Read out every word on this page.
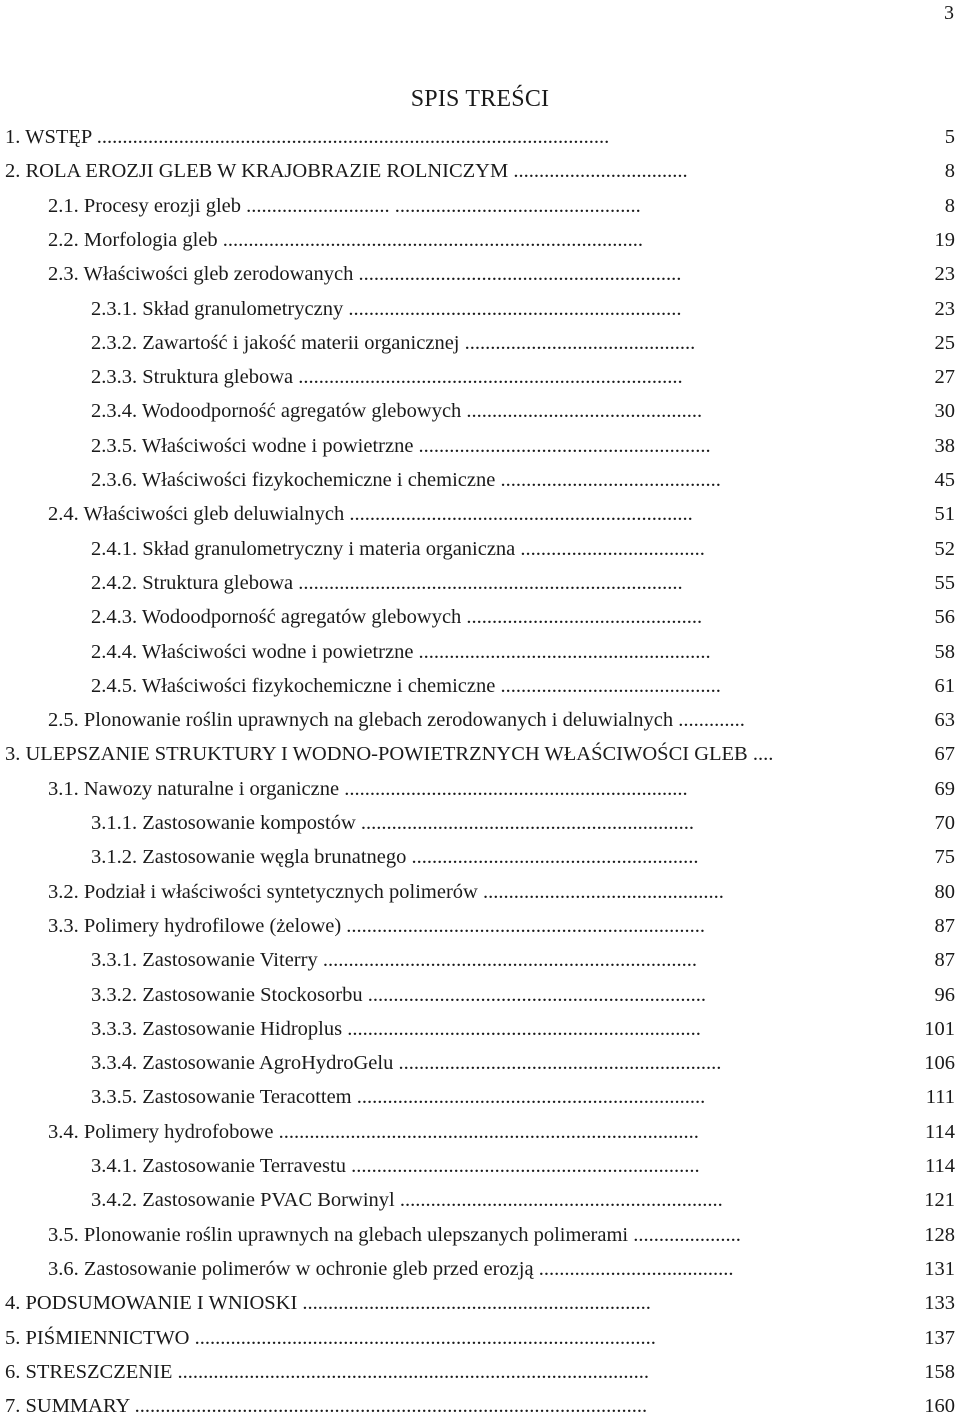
3
SPIS TREŚCI
1. WSTĘP ....................................................................................................	5
2. ROLA EROZJI GLEB W KRAJOBRAZIE ROLNICZYM ..................................	8
2.1. Procesy erozji gleb ............................ ................................................	8
2.2. Morfologia gleb ..................................................................................	19
2.3. Właściwości gleb zerodowanych ...............................................................	23
2.3.1. Skład granulometryczny .................................................................	23
2.3.2. Zawartość i jakość materii organicznej .............................................	25
2.3.3. Struktura glebowa ...........................................................................	27
2.3.4. Wodoodporność agregatów glebowych ..............................................	30
2.3.5. Właściwości wodne i powietrzne .........................................................	38
2.3.6. Właściwości fizykochemiczne i chemiczne ...........................................	45
2.4. Właściwości gleb deluwialnych ...................................................................	51
2.4.1. Skład granulometryczny i materia organiczna ....................................	52
2.4.2. Struktura glebowa ...........................................................................	55
2.4.3. Wodoodporność agregatów glebowych ..............................................	56
2.4.4. Właściwości wodne i powietrzne .........................................................	58
2.4.5. Właściwości fizykochemiczne i chemiczne ...........................................	61
2.5. Plonowanie roślin uprawnych na glebach zerodowanych i deluwialnych .............	63
3. ULEPSZANIE STRUKTURY I WODNO-POWIETRZNYCH WŁAŚCIWOŚCI GLEB ....	67
3.1. Nawozy naturalne i organiczne ...................................................................	69
3.1.1. Zastosowanie kompostów .................................................................	70
3.1.2. Zastosowanie węgla brunatnego ........................................................	75
3.2. Podział i właściwości syntetycznych polimerów ...............................................	80
3.3. Polimery hydrofilowe (żelowe) ......................................................................	87
3.3.1. Zastosowanie Viterry .........................................................................	87
3.3.2. Zastosowanie Stockosorbu ..................................................................	96
3.3.3. Zastosowanie Hidroplus .....................................................................	101
3.3.4. Zastosowanie AgroHydroGelu ...............................................................	106
3.3.5. Zastosowanie Teracottem ....................................................................	111
3.4. Polimery hydrofobowe ..................................................................................	114
3.4.1. Zastosowanie Terravestu ....................................................................	114
3.4.2. Zastosowanie PVAC Borwinyl ...............................................................	121
3.5. Plonowanie roślin uprawnych na glebach ulepszanych polimerami .....................	128
3.6. Zastosowanie polimerów w ochronie gleb przed erozją ......................................	131
4. PODSUMOWANIE I WNIOSKI ....................................................................	133
5. PIŚMIENNICTWO ..........................................................................................	137
6. STRESZCZENIE ............................................................................................	158
7. SUMMARY ....................................................................................................	160
